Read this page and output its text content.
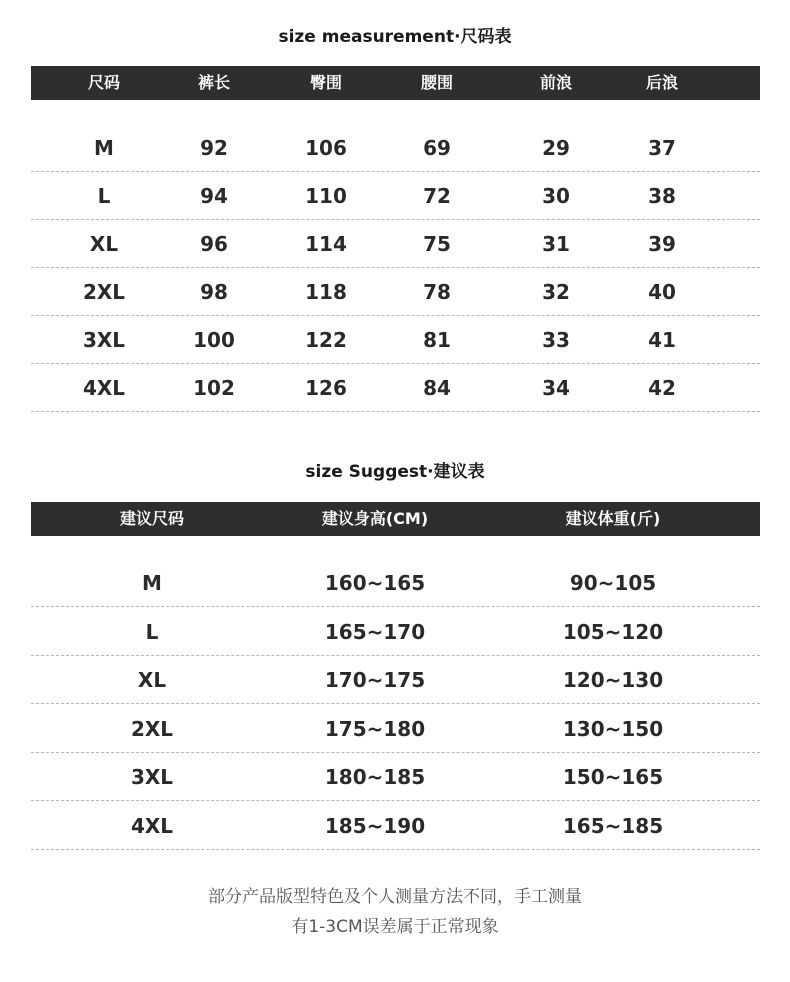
size measurement·尺码表
尺码	裤长	臀围	腰围	前浪	后浪
M	92	106	69	29	37
L	94	110	72	30	38
XL	96	114	75	31	39
2XL	98	118	78	32	40
3XL	100	122	81	33	41
4XL	102	126	84	34	42
size Suggest·建议表
建议尺码	建议身高(CM)	建议体重(斤)
M	160~165	90~105
L	165~170	105~120
XL	170~175	120~130
2XL	175~180	130~150
3XL	180~185	150~165
4XL	185~190	165~185
部分产品版型特色及个人测量方法不同，手工测量
有1-3CM误差属于正常现象
